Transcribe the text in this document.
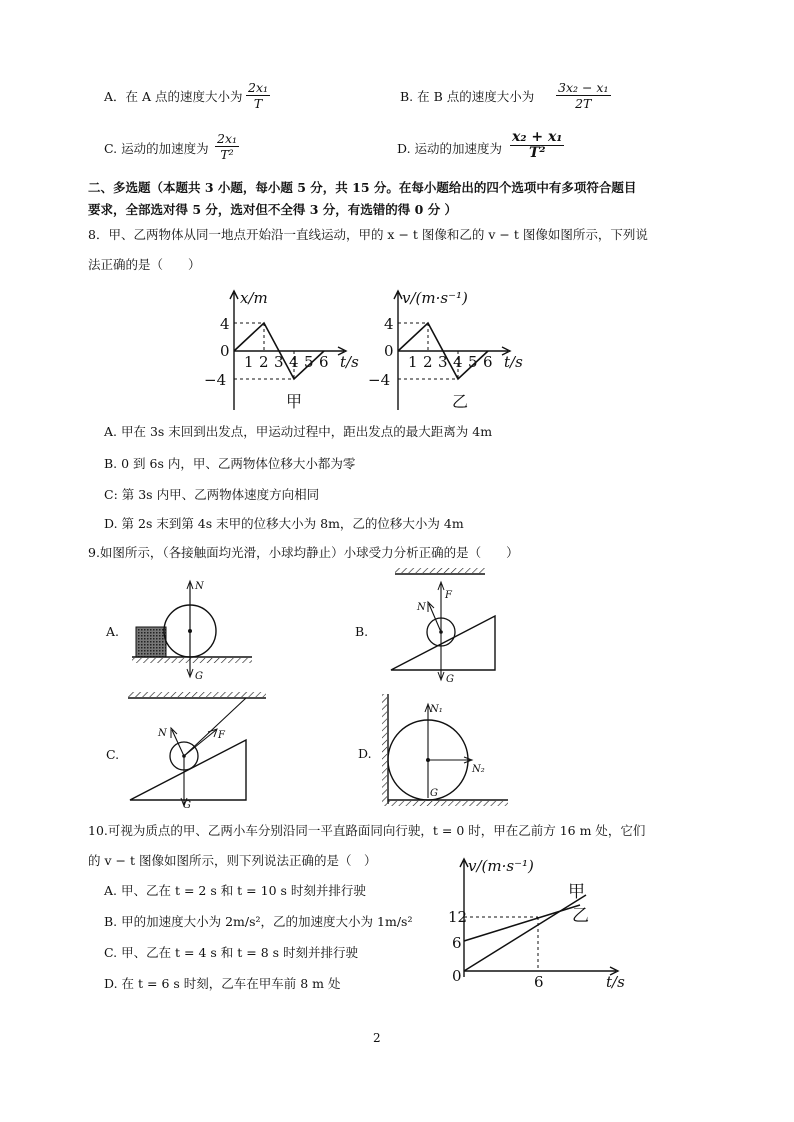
A．在 A 点的速度大小为 $\frac{\text{2x₁}}{T}$	B. 在 B 点的速度大小为 $\frac{\text{3x₂ − x₁}}{2T}$
C. 运动的加速度为 $\frac{\text{2x₁}}{\text{T²}}$	D. 运动的加速度为 $\frac{\text{x₂ + x₁}}{\text{T²}}$
二、多选题（本题共 3 小题，每小题 5 分，共 15 分。在每小题给出的四个选项中有多项符合题目
要求，全部选对得 5 分，选对但不全得 3 分，有选错的得 0 分 ）
8．甲、乙两物体从同一地点开始沿一直线运动，甲的 x − t 图像和乙的 v − t 图像如图所示，下列说
法正确的是（　　）
x/m
4
0
−4
1 2 3 4 5 6 t/s
甲
v/(m·s⁻¹)
4
0
−4
1 2 3 4 5 6 t/s
乙
A. 甲在 3s 末回到出发点，甲运动过程中，距出发点的最大距离为 4m
B. 0 到 6s 内，甲、乙两物体位移大小都为零
C: 第 3s 内甲、乙两物体速度方向相同
D. 第 2s 末到第 4s 末甲的位移大小为 8m，乙的位移大小为 4m
9.如图所示，（各接触面均光滑，小球均静止）小球受力分析正确的是（　　）
A.
N
G
B.
F
N
G
C.
N	F
G
D.
N₁
N₂
G
10.可视为质点的甲、乙两小车分别沿同一平直路面同向行驶，t = 0 时，甲在乙前方 16 m 处，它们
的 v − t 图像如图所示，则下列说法正确的是（　）
A. 甲、乙在 t = 2 s 和 t = 10 s 时刻并排行驶
B. 甲的加速度大小为 2m/s²，乙的加速度大小为 1m/s²
C. 甲、乙在 t = 4 s 和 t = 8 s 时刻并排行驶
D. 在 t = 6 s 时刻，乙车在甲车前 8 m 处
v/(m·s⁻¹)
12
6
0	6	t/s
甲
乙
2
